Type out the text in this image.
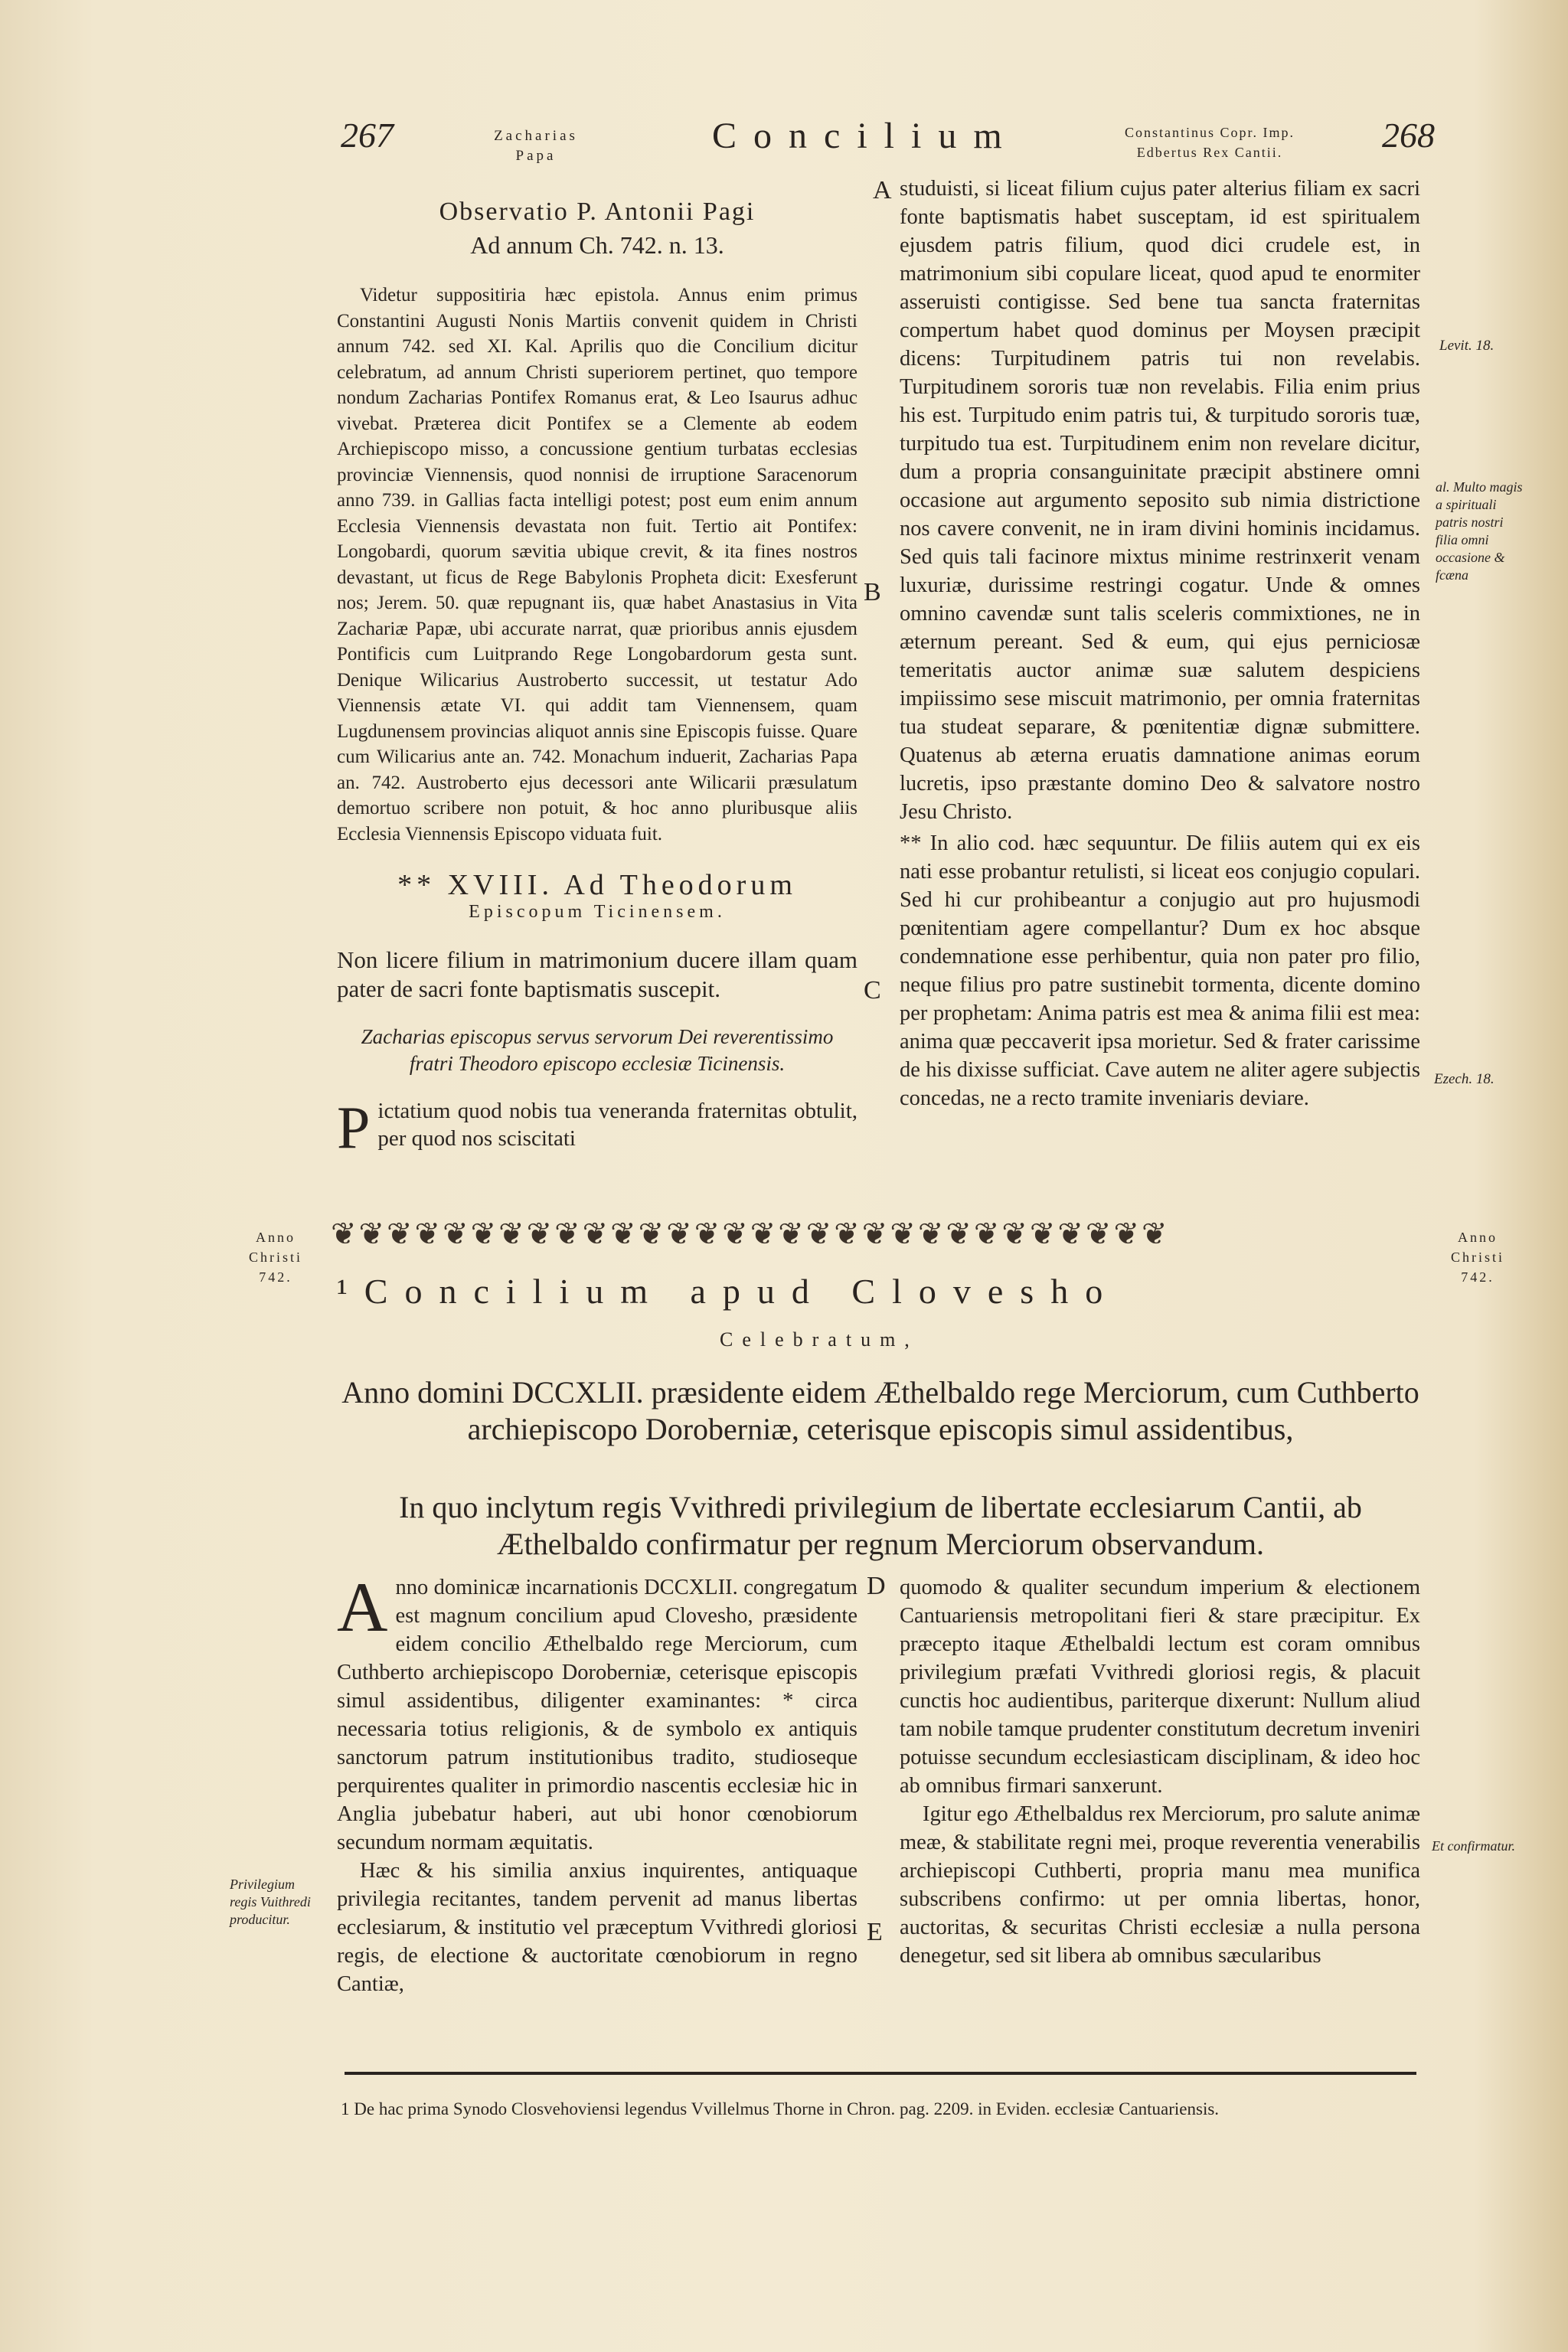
267	Zacharias
Papa	Concilium	Constantinus Copr. Imp.
Edbertus Rex Cantii.	268
Observatio P. Antonii Pagi
Ad annum Ch. 742. n. 13.
Videtur suppositiria hæc epistola. Annus enim primus Constantini Augusti Nonis Martiis convenit quidem in Christi annum 742. sed XI. Kal. Aprilis quo die Concilium dicitur celebratum, ad annum Christi superiorem pertinet, quo tempore nondum Zacharias Pontifex Romanus erat, & Leo Isaurus adhuc vivebat. Præterea dicit Pontifex se a Clemente ab eodem Archiepiscopo misso, a concussione gentium turbatas ecclesias provinciæ Viennensis, quod nonnisi de irruptione Saracenorum anno 739. in Gallias facta intelligi potest; post eum enim annum Ecclesia Viennensis devastata non fuit. Tertio ait Pontifex: Longobardi, quorum sævitia ubique crevit, & ita fines nostros devastant, ut ficus de Rege Babylonis Propheta dicit: Exesferunt nos; Jerem. 50. quæ repugnant iis, quæ habet Anastasius in Vita Zachariæ Papæ, ubi accurate narrat, quæ prioribus annis ejusdem Pontificis cum Luitprando Rege Longobardorum gesta sunt. Denique Wilicarius Austroberto successit, ut testatur Ado Viennensis ætate VI. qui addit tam Viennensem, quam Lugdunensem provincias aliquot annis sine Episcopis fuisse. Quare cum Wilicarius ante an. 742. Monachum induerit, Zacharias Papa an. 742. Austroberto ejus decessori ante Wilicarii præsulatum demortuo scribere non potuit, & hoc anno pluribusque aliis Ecclesia Viennensis Episcopo viduata fuit.
** XVIII. Ad Theodorum
Episcopum Ticinensem.
Non licere filium in matrimonium ducere illam quam pater de sacri fonte baptismatis suscepit.
Zacharias episcopus servus servorum Dei reverentissimo fratri Theodoro episcopo ecclesiæ Ticinensis.
P ictatium quod nobis tua veneranda fraternitas obtulit, per quod nos sciscitati
A
B
C
studuisti, si liceat filium cujus pater alterius filiam ex sacri fonte baptismatis habet susceptam, id est spiritualem ejusdem patris filium, quod dici crudele est, in matrimonium sibi copulare liceat, quod apud te enormiter asseruisti contigisse. Sed bene tua sancta fraternitas compertum habet quod dominus per Moysen præcipit dicens: Turpitudinem patris tui non revelabis. Turpitudinem sororis tuæ non revelabis. Filia enim prius his est. Turpitudo enim patris tui, & turpitudo sororis tuæ, turpitudo tua est. Turpitudinem enim non revelare dicitur, dum a propria consanguinitate præcipit abstinere omni occasione aut argumento seposito sub nimia districtione nos cavere convenit, ne in iram divini hominis incidamus. Sed quis tali facinore mixtus minime restrinxerit venam luxuriæ, durissime restringi cogatur. Unde & omnes omnino cavendæ sunt talis sceleris commixtiones, ne in æternum pereant. Sed & eum, qui ejus perniciosæ temeritatis auctor animæ suæ salutem despiciens impiissimo sese miscuit matrimonio, per omnia fraternitas tua studeat separare, & pœnitentiæ dignæ submittere. Quatenus ab æterna eruatis damnatione animas eorum lucretis, ipso præstante domino Deo & salvatore nostro Jesu Christo.
** In alio cod. hæc sequuntur. De filiis autem qui ex eis nati esse probantur retulisti, si liceat eos conjugio copulari. Sed hi cur prohibeantur a conjugio aut pro hujusmodi pœnitentiam agere compellantur? Dum ex hoc absque condemnatione esse perhibentur, quia non pater pro filio, neque filius pro patre sustinebit tormenta, dicente domino per prophetam: Anima patris est mea & anima filii est mea: anima quæ peccaverit ipsa morietur. Sed & frater carissime de his dixisse sufficiat. Cave autem ne aliter agere subjectis concedas, ne a recto tramite inveniaris deviare.
Levit. 18.
al. Multo magis a spirituali patris nostri filia omni occasione & fcæna
Ezech. 18.
Anno Christi 742.
❦❦❦❦❦❦❦❦❦❦❦❦❦❦❦❦❦❦❦❦❦❦❦❦❦❦❦❦❦❦	Anno Christi 742.
¹Concilium apud Clovesho
Celebratum,
Anno domini DCCXLII. præsidente eidem Æthelbaldo rege Merciorum, cum Cuthberto archiepiscopo Doroberniæ, ceterisque episcopis simul assidentibus,
In quo inclytum regis Vvithredi privilegium de libertate ecclesiarum Cantii, ab Æthelbaldo confirmatur per regnum Merciorum observandum.
A nno dominicæ incarnationis DCCXLII. congregatum est magnum concilium apud Clovesho, præsidente eidem concilio Æthelbaldo rege Merciorum, cum Cuthberto archiepiscopo Doroberniæ, ceterisque episcopis simul assidentibus, diligenter examinantes: * circa necessaria totius religionis, & de symbolo ex antiquis sanctorum patrum institutionibus tradito, studioseque perquirentes qualiter in primordio nascentis ecclesiæ hic in Anglia jubebatur haberi, aut ubi honor cœnobiorum secundum normam æquitatis.
Hæc & his similia anxius inquirentes, antiquaque privilegia recitantes, tandem pervenit ad manus libertas ecclesiarum, & institutio vel præceptum Vvithredi gloriosi regis, de electione & auctoritate cœnobiorum in regno Cantiæ,
D
E
quomodo & qualiter secundum imperium & electionem Cantuariensis metropolitani fieri & stare præcipitur. Ex præcepto itaque Æthelbaldi lectum est coram omnibus privilegium præfati Vvithredi gloriosi regis, & placuit cunctis hoc audientibus, pariterque dixerunt: Nullum aliud tam nobile tamque prudenter constitutum decretum inveniri potuisse secundum ecclesiasticam disciplinam, & ideo hoc ab omnibus firmari sanxerunt.
Igitur ego Æthelbaldus rex Merciorum, pro salute animæ meæ, & stabilitate regni mei, proque reverentia venerabilis archiepiscopi Cuthberti, propria manu mea munifica subscribens confirmo: ut per omnia libertas, honor, auctoritas, & securitas Christi ecclesiæ a nulla persona denegetur, sed sit libera ab omnibus sæcularibus
Privilegium regis Vuithredi producitur.
Et confirmatur.
1 De hac prima Synodo Closvehoviensi legendus Vvillelmus Thorne in Chron. pag. 2209. in Eviden. ecclesiæ Cantuariensis.
